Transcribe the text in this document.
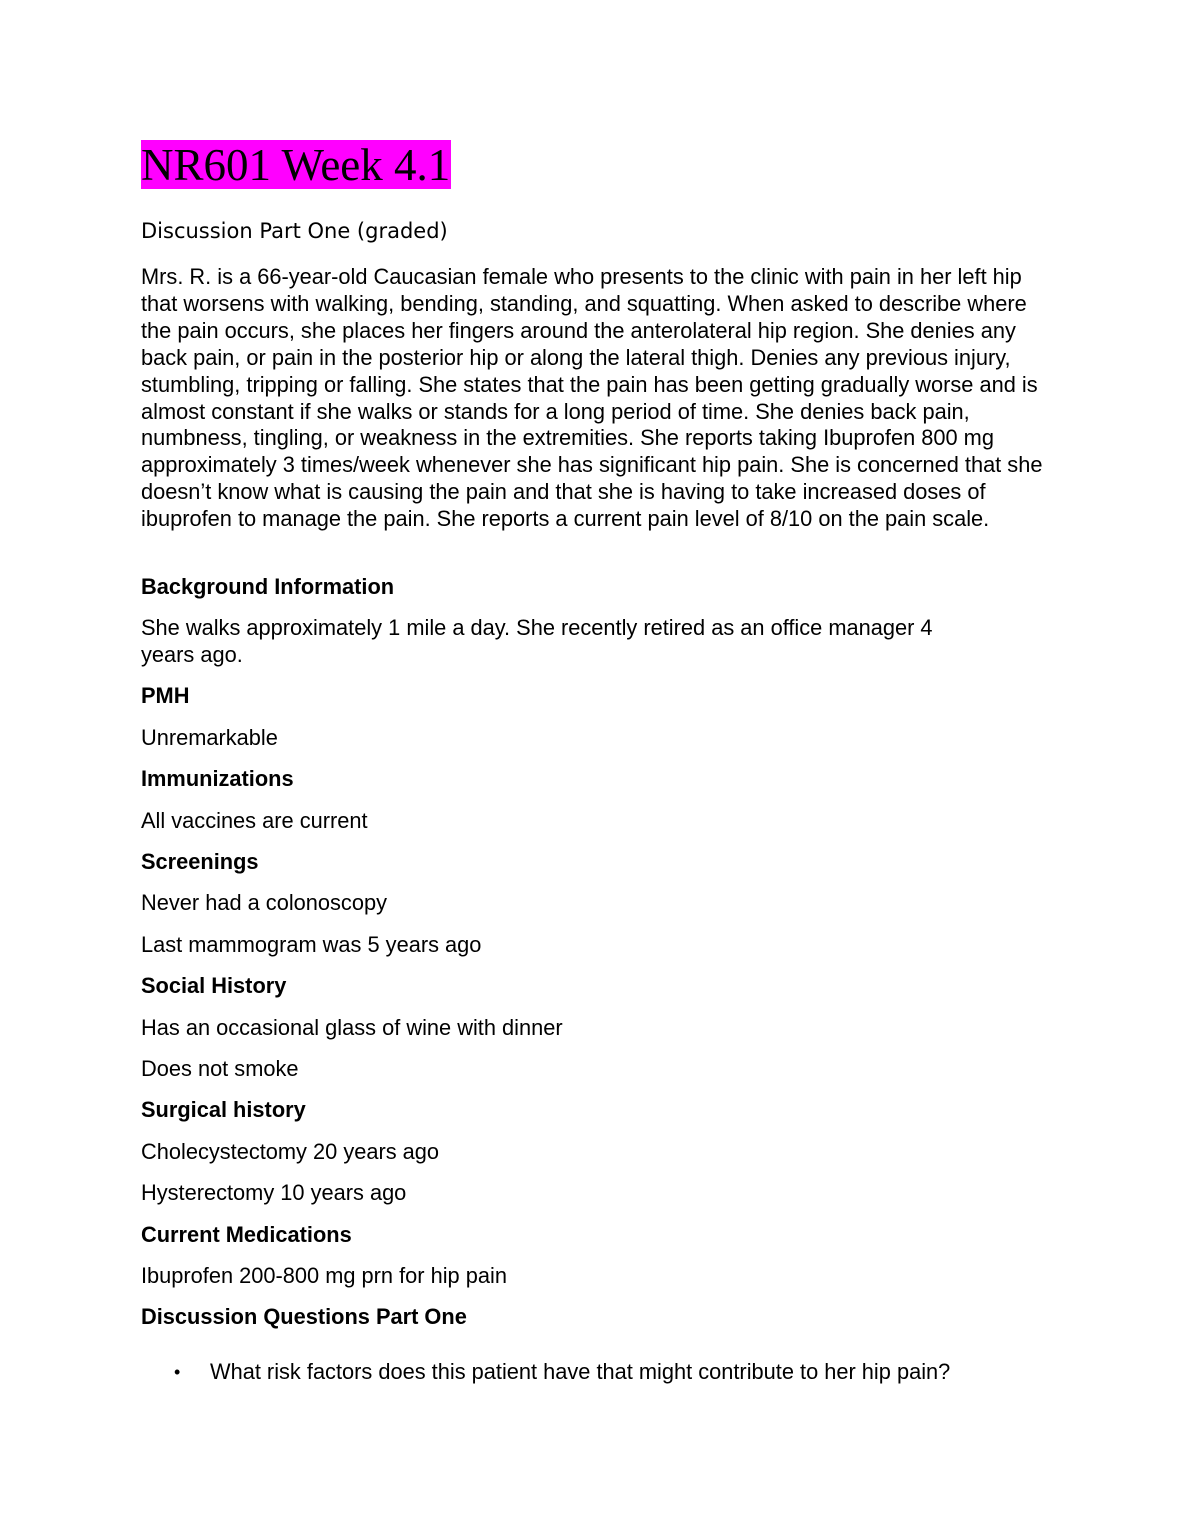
NR601 Week 4.1
Discussion Part One (graded)

Mrs. R. is a 66-year-old Caucasian female who presents to the clinic with pain in her left hip that worsens with walking, bending, standing, and squatting. When asked to describe where the pain occurs, she places her fingers around the anterolateral hip region. She denies any back pain, or pain in the posterior hip or along the lateral thigh. Denies any previous injury, stumbling, tripping or falling. She states that the pain has been getting gradually worse and is almost constant if she walks or stands for a long period of time. She denies back pain, numbness, tingling, or weakness in the extremities. She reports taking Ibuprofen 800 mg approximately 3 times/week whenever she has significant hip pain. She is concerned that she doesn’t know what is causing the pain and that she is having to take increased doses of ibuprofen to manage the pain. She reports a current pain level of 8/10 on the pain scale.

Background Information

She walks approximately 1 mile a day. She recently retired as an office manager 4

years ago.

PMH

Unremarkable

Immunizations

All vaccines are current

Screenings

Never had a colonoscopy

Last mammogram was 5 years ago

Social History

Has an occasional glass of wine with dinner

Does not smoke

Surgical history

Cholecystectomy 20 years ago

Hysterectomy 10 years ago

Current Medications

Ibuprofen 200-800 mg prn for hip pain

Discussion Questions Part One

• What risk factors does this patient have that might contribute to her hip pain?
